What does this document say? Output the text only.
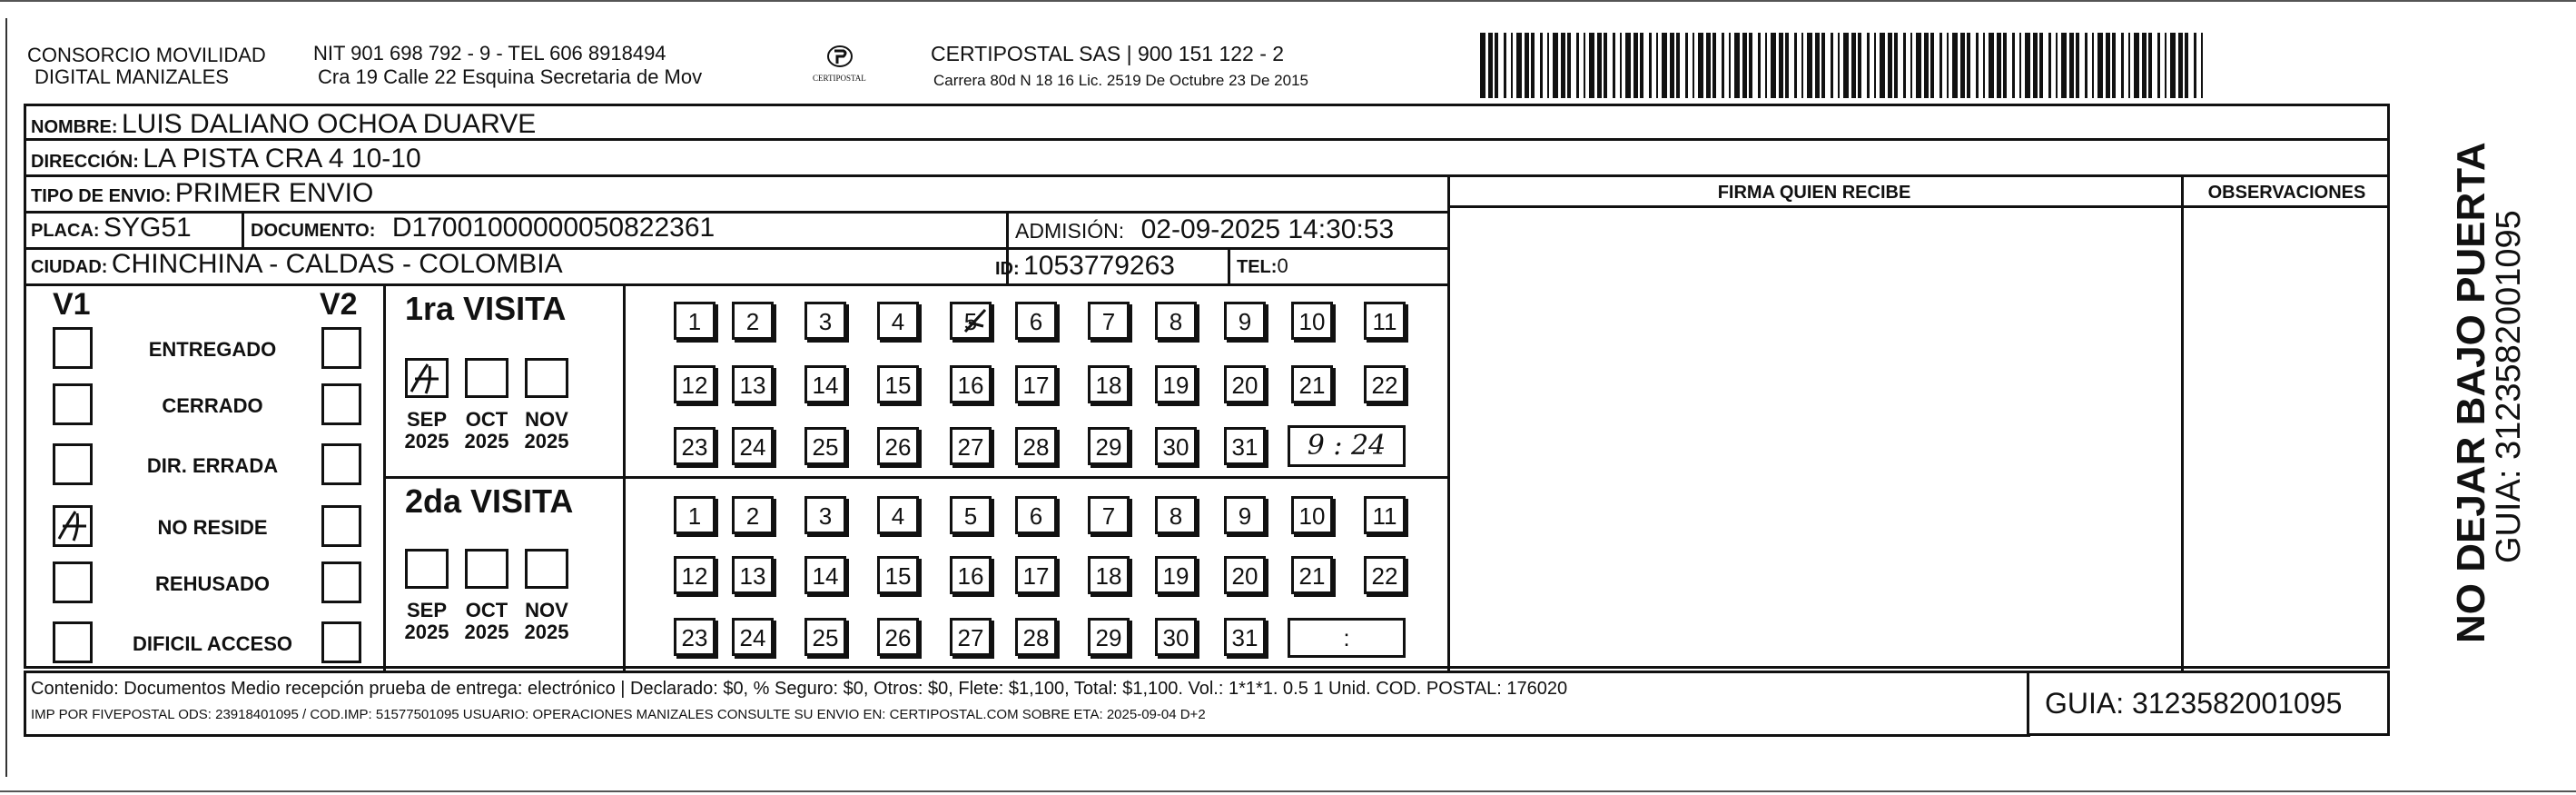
CONSORCIO MOVILIDAD
DIGITAL MANIZALES
NIT 901 698 792 - 9 - TEL 606 8918494
Cra 19 Calle 22 Esquina Secretaria de Mov	CERTIPOSTAL
CERTIPOSTAL SAS | 900 151 122 - 2
Carrera 80d N 18 16 Lic. 2519 De Octubre 23 De 2015
NOMBRE: LUIS DALIANO OCHOA DUARVE
DIRECCIÓN: LA PISTA CRA 4 10-10
TIPO DE ENVIO: PRIMER ENVIO	FIRMA QUIEN RECIBE	OBSERVACIONES
PLACA: SYG51	DOCUMENTO: D17001000000050822361	ADMISIÓN: 02-09-2025 14:30:53
CIUDAD: CHINCHINA - CALDAS - COLOMBIA	ID: 1053779263	TEL:0
V1	V2
ENTREGADO
CERRADO
DIR. ERRADA
NO RESIDE
REHUSADO
DIFICIL ACCESO
1ra VISITA
2da VISITA
SEP
2025
OCT
2025
NOV
2025
SEP
2025
OCT
2025
NOV
2025
1	2	3	4	5	6	7	8	9	10	11
12	13	14	15	16	17	18	19	20	21	22
23	24	25	26	27	28	29	30	31
1	2	3	4	5	6	7	8	9	10	11
12	13	14	15	16	17	18	19	20	21	22
23	24	25	26	27	28	29	30	31
9 : 24
:
Contenido: Documentos Medio recepción prueba de entrega: electrónico | Declarado: $0, % Seguro: $0, Otros: $0, Flete: $1,100, Total: $1,100. Vol.: 1*1*1. 0.5 1 Unid. COD. POSTAL: 176020
IMP POR FIVEPOSTAL ODS: 23918401095 / COD.IMP: 51577501095 USUARIO: OPERACIONES MANIZALES CONSULTE SU ENVIO EN: CERTIPOSTAL.COM SOBRE ETA: 2025-09-04 D+2	GUIA: 3123582001095
NO DEJAR BAJO PUERTA
GUIA: 3123582001095
